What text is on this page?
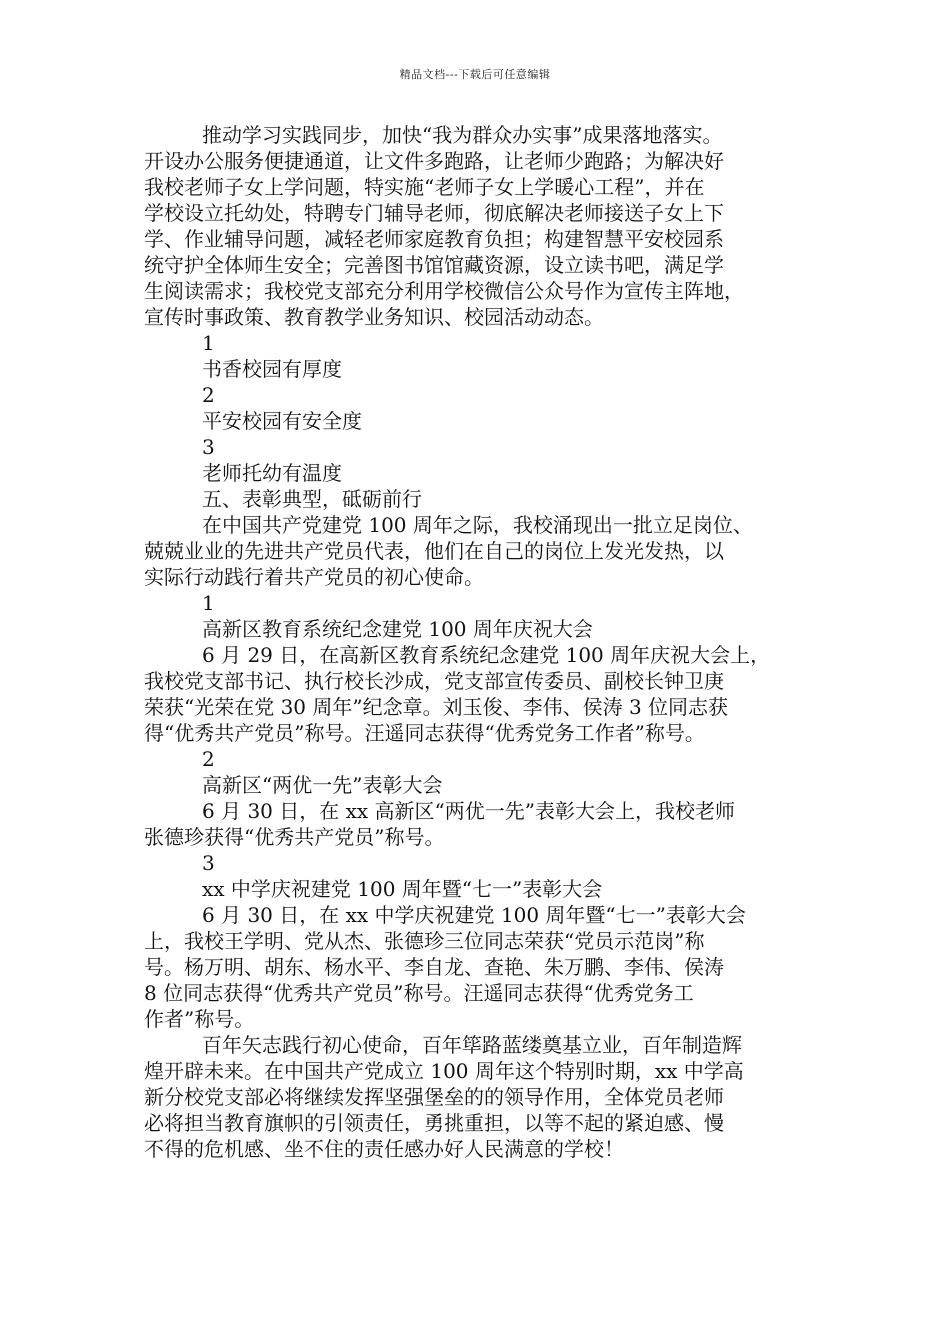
精品文档---下载后可任意编辑

推动学习实践同步，加快“我为群众办实事”成果落地落实。

开设办公服务便捷通道，让文件多跑路，让老师少跑路；为解决好

我校老师子女上学问题，特实施“老师子女上学暖心工程”，并在

学校设立托幼处，特聘专门辅导老师，彻底解决老师接送子女上下

学、作业辅导问题，减轻老师家庭教育负担；构建智慧平安校园系

统守护全体师生安全；完善图书馆馆藏资源，设立读书吧，满足学

生阅读需求；我校党支部充分利用学校微信公众号作为宣传主阵地，

宣传时事政策、教育教学业务知识、校园活动动态。

1

书香校园有厚度

2

平安校园有安全度

3

老师托幼有温度

五、表彰典型，砥砺前行

在中国共产党建党 100 周年之际，我校涌现出一批立足岗位、

兢兢业业的先进共产党员代表，他们在自己的岗位上发光发热，以

实际行动践行着共产党员的初心使命。

1

高新区教育系统纪念建党 100 周年庆祝大会

6 月 29 日，在高新区教育系统纪念建党 100 周年庆祝大会上，

我校党支部书记、执行校长沙成，党支部宣传委员、副校长钟卫庚

荣获“光荣在党 30 周年”纪念章。刘玉俊、李伟、侯涛 3 位同志获

得“优秀共产党员”称号。汪遥同志获得“优秀党务工作者”称号。

2

高新区“两优一先”表彰大会

6 月 30 日，在 xx 高新区“两优一先”表彰大会上，我校老师

张德珍获得“优秀共产党员”称号。

3

xx 中学庆祝建党 100 周年暨“七一”表彰大会

6 月 30 日，在 xx 中学庆祝建党 100 周年暨“七一”表彰大会

上，我校王学明、党从杰、张德珍三位同志荣获“党员示范岗”称

号。杨万明、胡东、杨水平、李自龙、查艳、朱万鹏、李伟、侯涛

8 位同志获得“优秀共产党员”称号。汪遥同志获得“优秀党务工

作者”称号。

百年矢志践行初心使命，百年筚路蓝缕奠基立业，百年制造辉

煌开辟未来。在中国共产党成立 100 周年这个特别时期，xx 中学高

新分校党支部必将继续发挥坚强堡垒的的领导作用，全体党员老师

必将担当教育旗帜的引领责任，勇挑重担，以等不起的紧迫感、慢

不得的危机感、坐不住的责任感办好人民满意的学校！
